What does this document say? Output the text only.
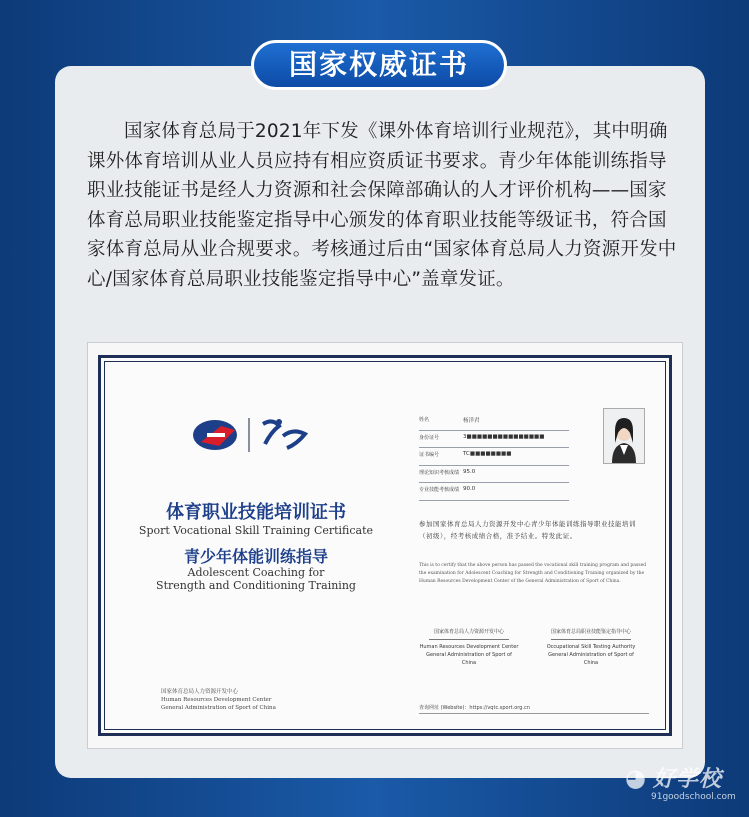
国家权威证书
国家体育总局于2021年下发《课外体育培训行业规范》，其中明确课外体育培训从业人员应持有相应资质证书要求。青少年体能训练指导职业技能证书是经人力资源和社会保障部确认的人才评价机构——国家体育总局职业技能鉴定指导中心颁发的体育职业技能等级证书，符合国家体育总局从业合规要求。考核通过后由“国家体育总局人力资源开发中心/国家体育总局职业技能鉴定指导中心”盖章发证。
体育职业技能培训证书
Sport Vocational Skill Training Certificate
青少年体能训练指导
Adolescent Coaching for
Strength and Conditioning Training
国家体育总局人力资源开发中心
Human Resources Development Center
General Administration of Sport of China
姓名	杨洋君
身份证号	3■■■■■■■■■■■■■■■
证书编号	TC■■■■■■■■
理论知识考核成绩 95.0
专业技能考核成绩 90.0
参加国家体育总局人力资源开发中心青少年体能训练指导职业技能培训（初级），经考核成绩合格，准予结业。特发此证。
This is to certify that the above person has passed the vocational skill training program and passed the examination for Adolescent Coaching for Strength and Conditioning Training organized by the Human Resources Development Center of the General Administration of Sport of China.
国家体育总局人力资源开发中心
Human Resources Development Center General Administration of Sport of China
国家体育总局职业技能鉴定指导中心
Occupational Skill Testing Authority General Administration of Sport of China
查询网址 (Website)：https://vqtc.sport.org.cn
◕ 好学校
91goodschool.com
